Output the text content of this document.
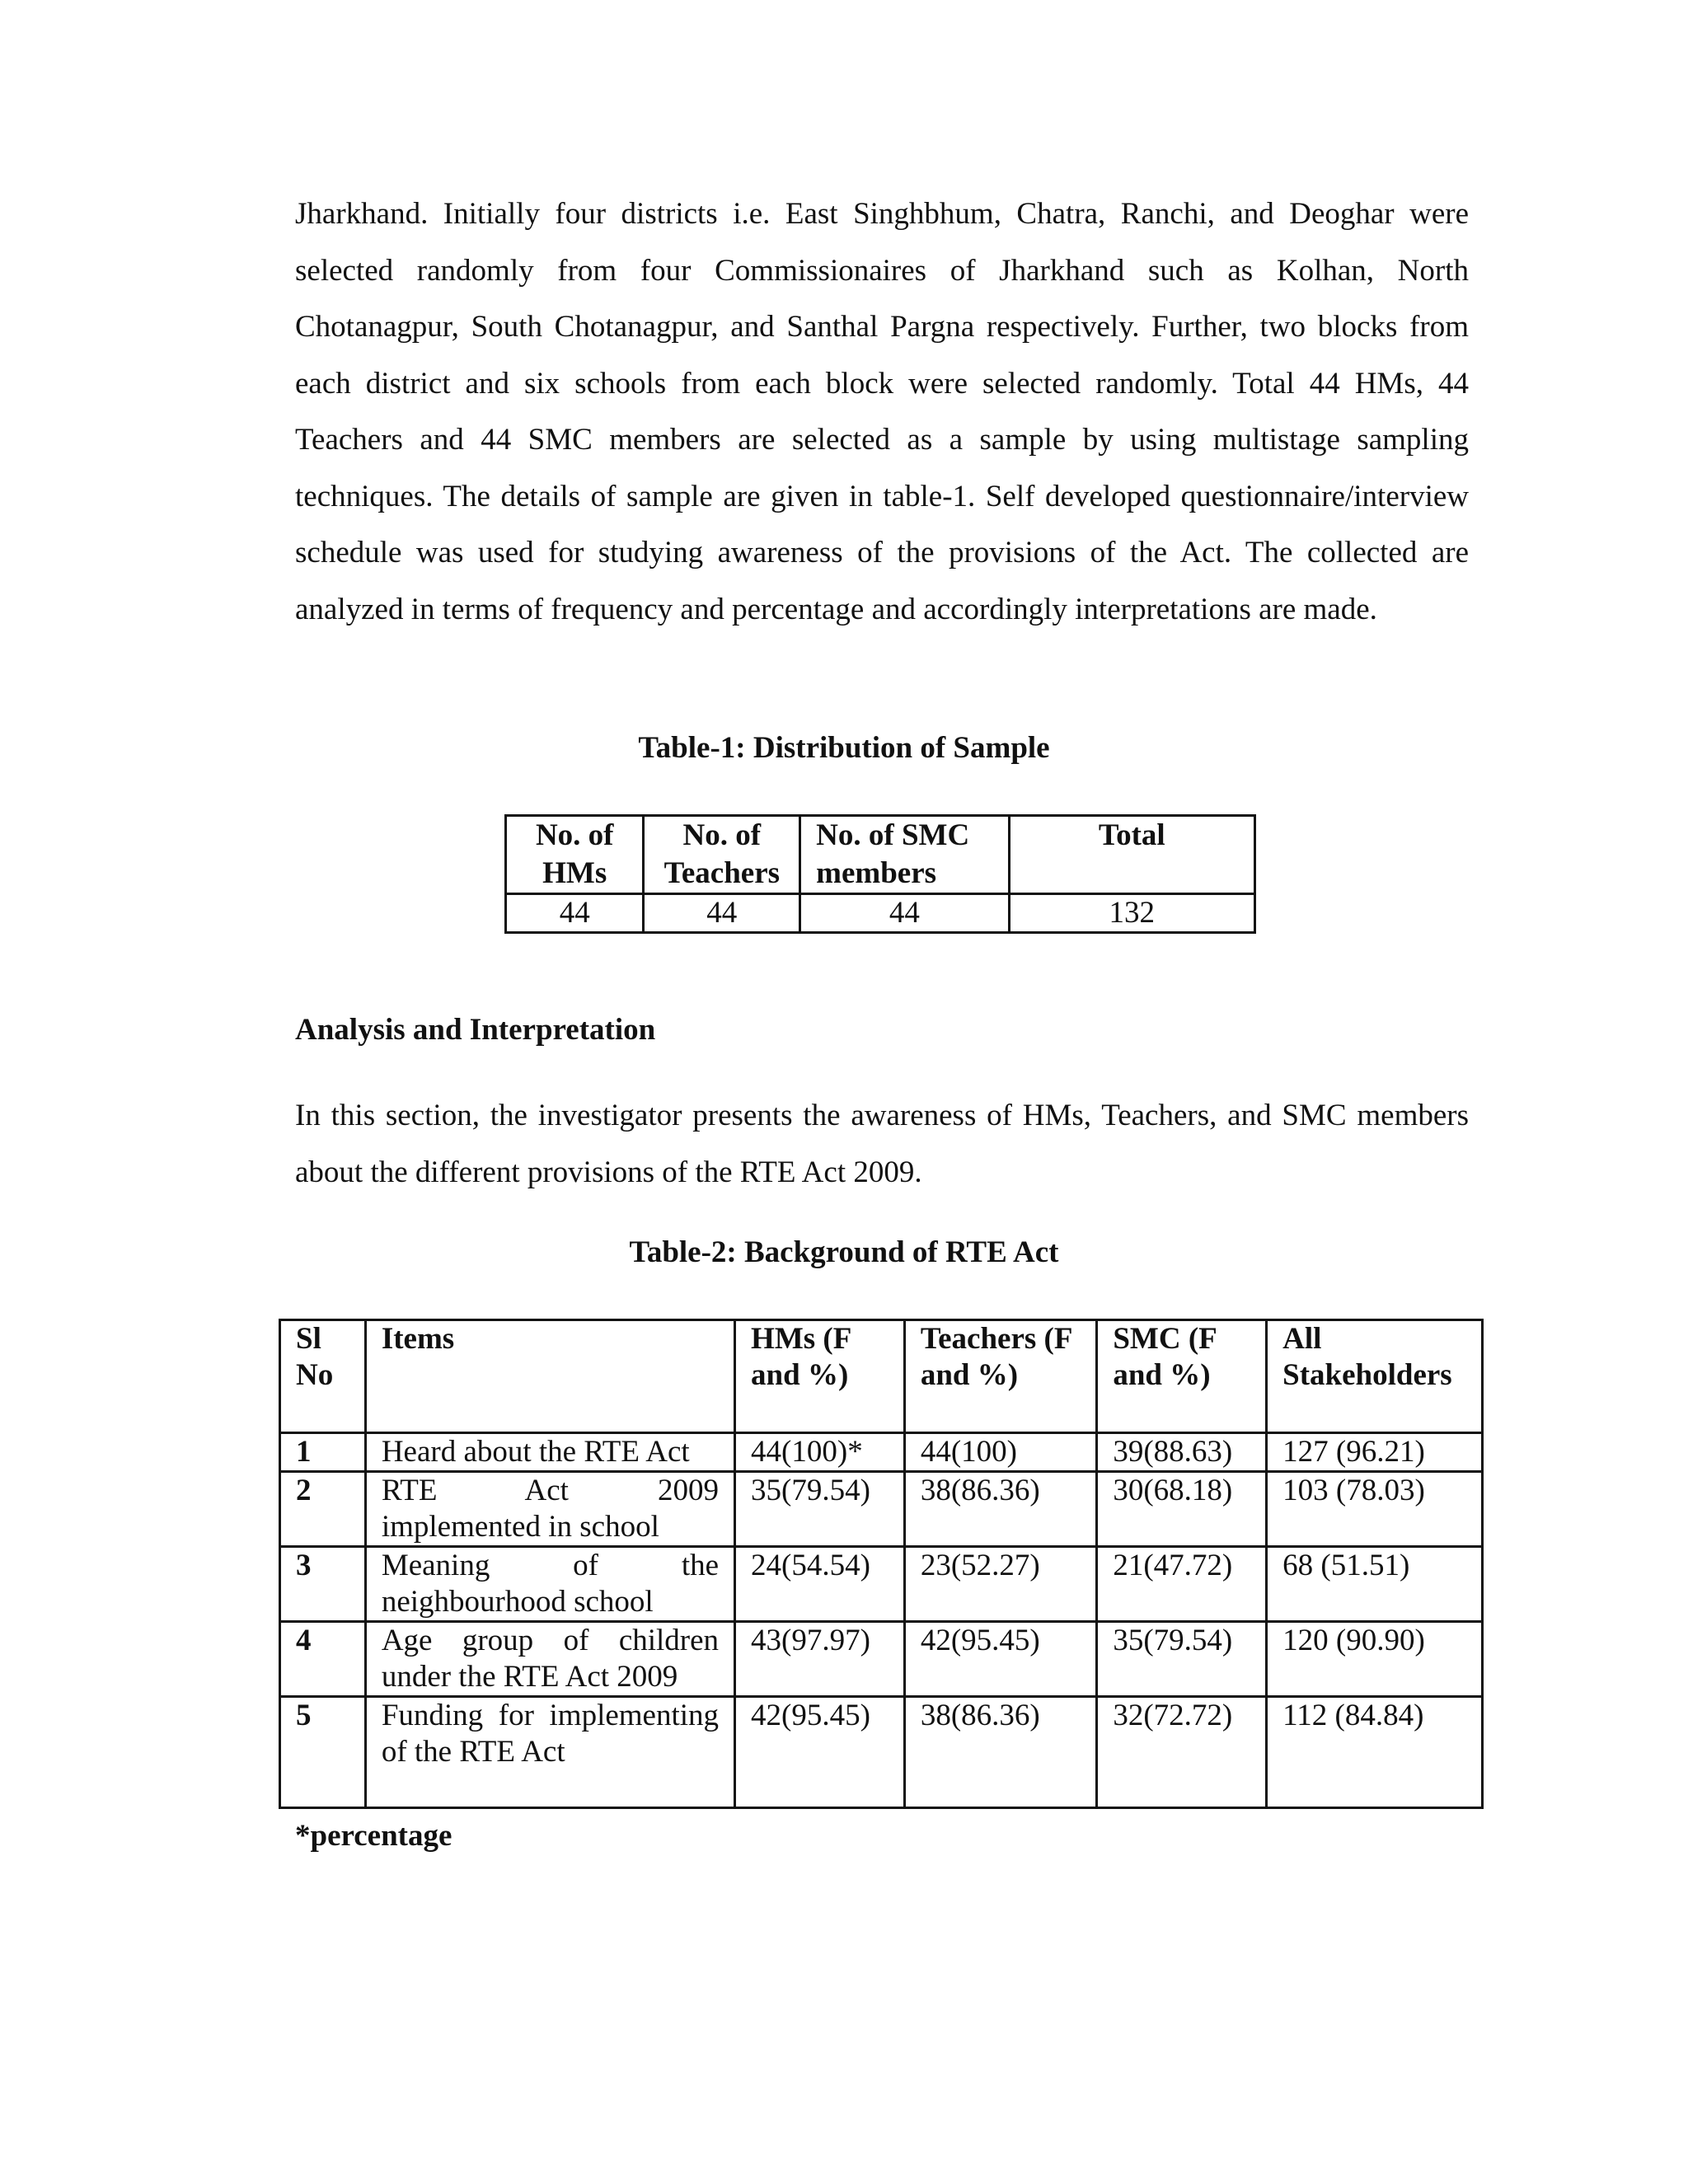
Jharkhand. Initially four districts i.e. East Singhbhum, Chatra, Ranchi, and Deoghar were selected randomly from four Commissionaires of Jharkhand such as Kolhan, North Chotanagpur, South Chotanagpur, and Santhal Pargna respectively. Further, two blocks from each district and six schools from each block were selected randomly. Total 44 HMs, 44 Teachers and 44 SMC members are selected as a sample by using multistage sampling techniques. The details of sample are given in table-1. Self developed questionnaire/interview schedule was used for studying awareness of the provisions of the Act. The collected are analyzed in terms of frequency and percentage and accordingly interpretations are made.

Table-1: Distribution of Sample

No. of HMs	No. of Teachers	No. of SMC members	Total
44	44	44	132
Analysis and Interpretation

In this section, the investigator presents the awareness of HMs, Teachers, and SMC members about the different provisions of the RTE Act 2009.

Table-2: Background of RTE Act

Sl No	Items	HMs (F and %)	Teachers (F and %)	SMC (F and %)	All Stakeholders
1	Heard about the RTE Act	44(100)*	44(100)	39(88.63)	127 (96.21)
2	RTE Act 2009 implemented in school	35(79.54)	38(86.36)	30(68.18)	103 (78.03)
3	Meaning of the neighbourhood school	24(54.54)	23(52.27)	21(47.72)	68 (51.51)
4	Age group of children under the RTE Act 2009	43(97.97)	42(95.45)	35(79.54)	120 (90.90)
5	Funding for implementing of the RTE Act	42(95.45)	38(86.36)	32(72.72)	112 (84.84)

*percentage
